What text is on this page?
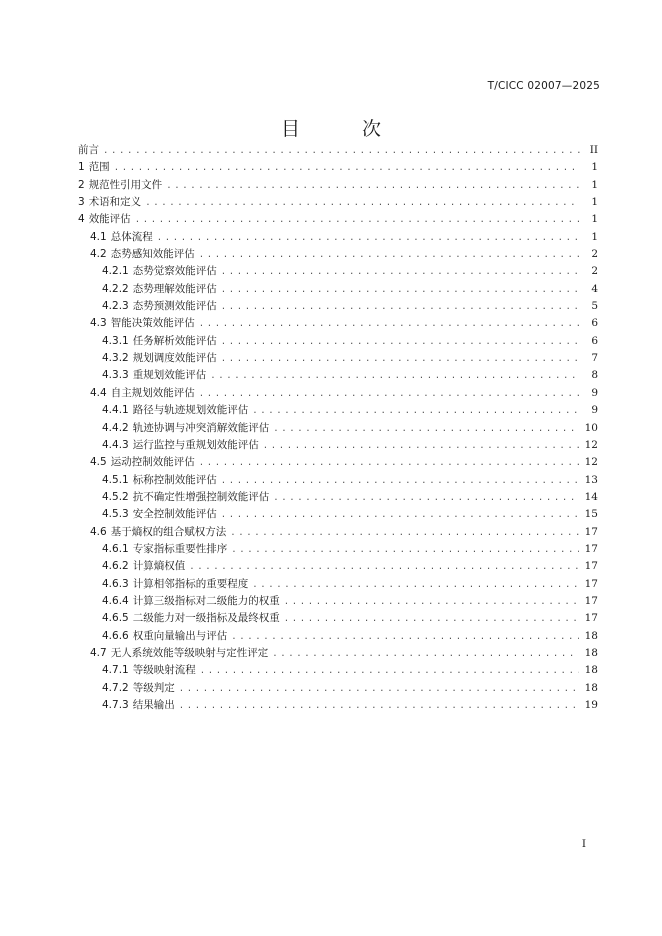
T/CICC 02007—2025
目 次
前言 .....	II
1 范围 .....	1
2 规范性引用文件 .....	1
3 术语和定义 .....	1
4 效能评估 .....	1
4.1 总体流程 .....	1
4.2 态势感知效能评估 .....	2
4.2.1 态势觉察效能评估 .....	2
4.2.2 态势理解效能评估 .....	4
4.2.3 态势预测效能评估 .....	5
4.3 智能决策效能评估 .....	6
4.3.1 任务解析效能评估 .....	6
4.3.2 规划调度效能评估 .....	7
4.3.3 重规划效能评估 .....	8
4.4 自主规划效能评估 .....	9
4.4.1 路径与轨迹规划效能评估 .....	9
4.4.2 轨迹协调与冲突消解效能评估 .....	10
4.4.3 运行监控与重规划效能评估 .....	12
4.5 运动控制效能评估 .....	12
4.5.1 标称控制效能评估 .....	13
4.5.2 抗不确定性增强控制效能评估 .....	14
4.5.3 安全控制效能评估 .....	15
4.6 基于熵权的组合赋权方法 .....	17
4.6.1 专家指标重要性排序 .....	17
4.6.2 计算熵权值 .....	17
4.6.3 计算相邻指标的重要程度 .....	17
4.6.4 计算三级指标对二级能力的权重 .....	17
4.6.5 二级能力对一级指标及最终权重 .....	17
4.6.6 权重向量输出与评估 .....	18
4.7 无人系统效能等级映射与定性评定 .....	18
4.7.1 等级映射流程 .....	18
4.7.2 等级判定 .....	18
4.7.3 结果输出 .....	19
I
